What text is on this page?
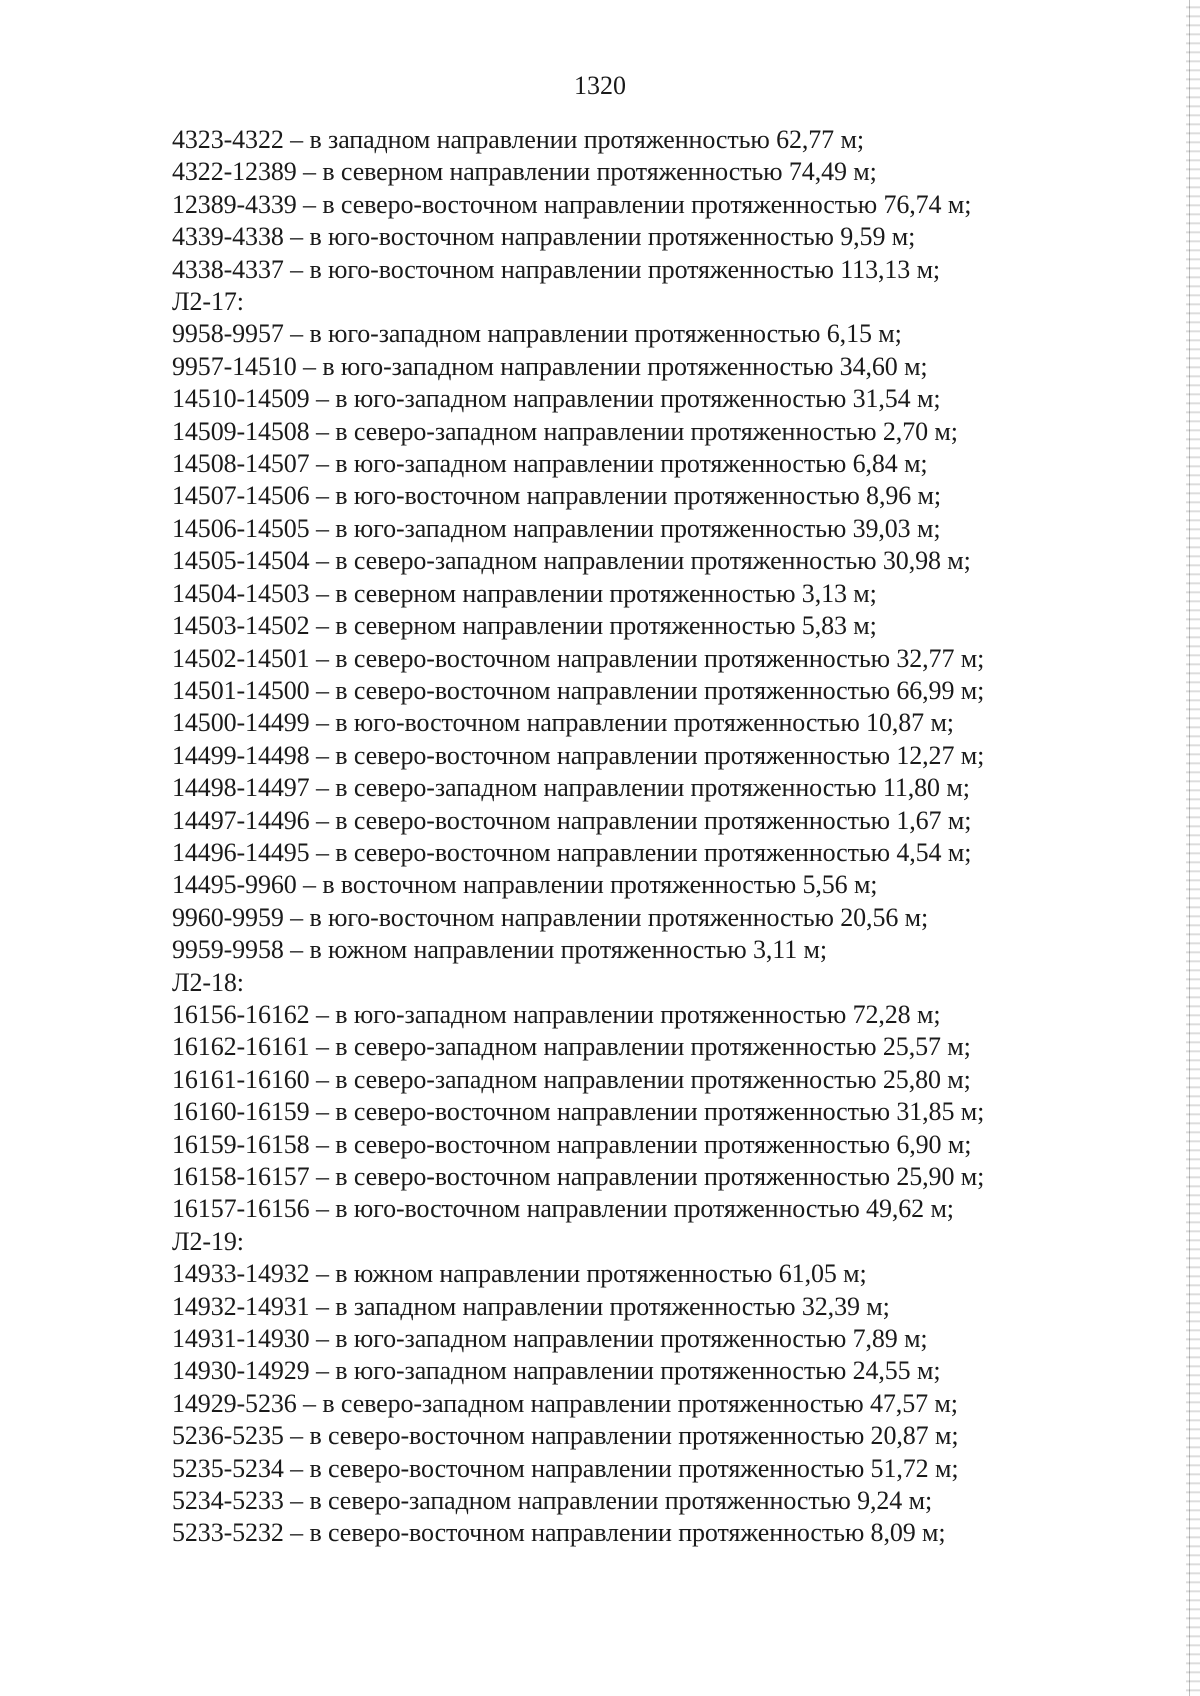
1320
4323-4322 – в западном направлении протяженностью 62,77 м;
4322-12389 – в северном направлении протяженностью 74,49 м;
12389-4339 – в северо-восточном направлении протяженностью 76,74 м;
4339-4338 – в юго-восточном направлении протяженностью 9,59 м;
4338-4337 – в юго-восточном направлении протяженностью 113,13 м;
Л2-17:
9958-9957 – в юго-западном направлении протяженностью 6,15 м;
9957-14510 – в юго-западном направлении протяженностью 34,60 м;
14510-14509 – в юго-западном направлении протяженностью 31,54 м;
14509-14508 – в северо-западном направлении протяженностью 2,70 м;
14508-14507 – в юго-западном направлении протяженностью 6,84 м;
14507-14506 – в юго-восточном направлении протяженностью 8,96 м;
14506-14505 – в юго-западном направлении протяженностью 39,03 м;
14505-14504 – в северо-западном направлении протяженностью 30,98 м;
14504-14503 – в северном направлении протяженностью 3,13 м;
14503-14502 – в северном направлении протяженностью 5,83 м;
14502-14501 – в северо-восточном направлении протяженностью 32,77 м;
14501-14500 – в северо-восточном направлении протяженностью 66,99 м;
14500-14499 – в юго-восточном направлении протяженностью 10,87 м;
14499-14498 – в северо-восточном направлении протяженностью 12,27 м;
14498-14497 – в северо-западном направлении протяженностью 11,80 м;
14497-14496 – в северо-восточном направлении протяженностью 1,67 м;
14496-14495 – в северо-восточном направлении протяженностью 4,54 м;
14495-9960 – в восточном направлении протяженностью 5,56 м;
9960-9959 – в юго-восточном направлении протяженностью 20,56 м;
9959-9958 – в южном направлении протяженностью 3,11 м;
Л2-18:
16156-16162 – в юго-западном направлении протяженностью 72,28 м;
16162-16161 – в северо-западном направлении протяженностью 25,57 м;
16161-16160 – в северо-западном направлении протяженностью 25,80 м;
16160-16159 – в северо-восточном направлении протяженностью 31,85 м;
16159-16158 – в северо-восточном направлении протяженностью 6,90 м;
16158-16157 – в северо-восточном направлении протяженностью 25,90 м;
16157-16156 – в юго-восточном направлении протяженностью 49,62 м;
Л2-19:
14933-14932 – в южном направлении протяженностью 61,05 м;
14932-14931 – в западном направлении протяженностью 32,39 м;
14931-14930 – в юго-западном направлении протяженностью 7,89 м;
14930-14929 – в юго-западном направлении протяженностью 24,55 м;
14929-5236 – в северо-западном направлении протяженностью 47,57 м;
5236-5235 – в северо-восточном направлении протяженностью 20,87 м;
5235-5234 – в северо-восточном направлении протяженностью 51,72 м;
5234-5233 – в северо-западном направлении протяженностью 9,24 м;
5233-5232 – в северо-восточном направлении протяженностью 8,09 м;
